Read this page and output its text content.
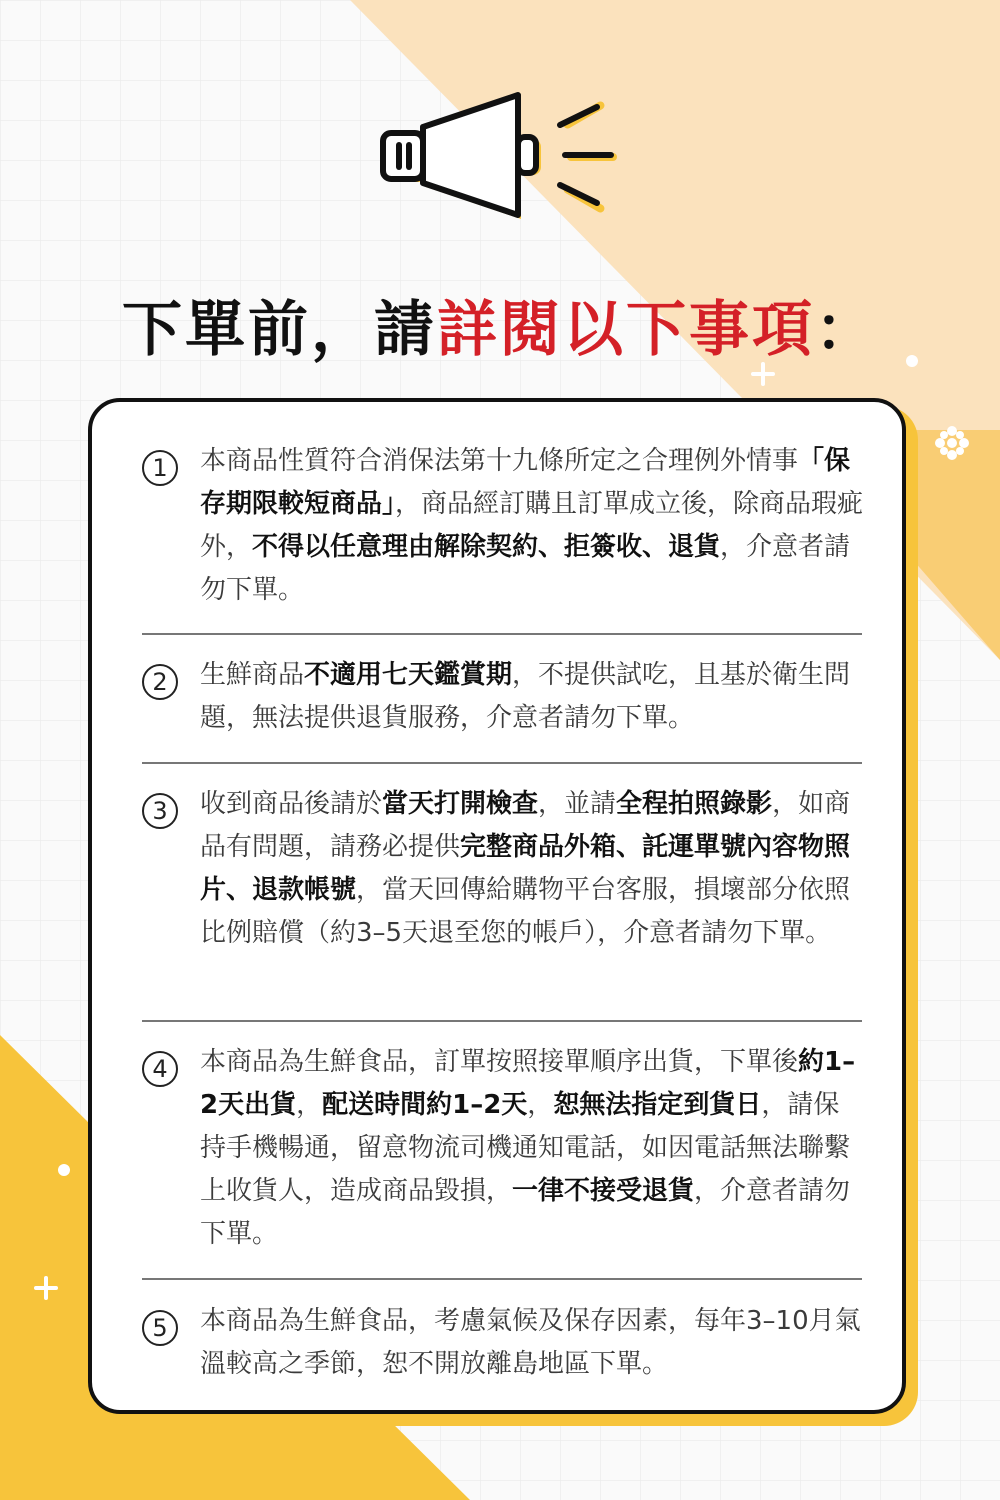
下單前，請詳閱以下事項：
1	本商品性質符合消保法第十九條所定之合理例外情事「保存期限較短商品」，商品經訂購且訂單成立後，除商品瑕疵外，不得以任意理由解除契約、拒簽收、退貨，介意者請勿下單。
2	生鮮商品不適用七天鑑賞期，不提供試吃，且基於衛生問題，無法提供退貨服務，介意者請勿下單。
3	收到商品後請於當天打開檢查，並請全程拍照錄影，如商品有問題，請務必提供完整商品外箱、託運單號內容物照片、退款帳號，當天回傳給購物平台客服，損壞部分依照比例賠償（約3–5天退至您的帳戶），介意者請勿下單。
4	本商品為生鮮食品，訂單按照接單順序出貨，下單後約1–2天出貨，配送時間約1–2天，恕無法指定到貨日，請保持手機暢通，留意物流司機通知電話，如因電話無法聯繫上收貨人，造成商品毀損，一律不接受退貨，介意者請勿下單。
5	本商品為生鮮食品，考慮氣候及保存因素，每年3–10月氣溫較高之季節，恕不開放離島地區下單。
